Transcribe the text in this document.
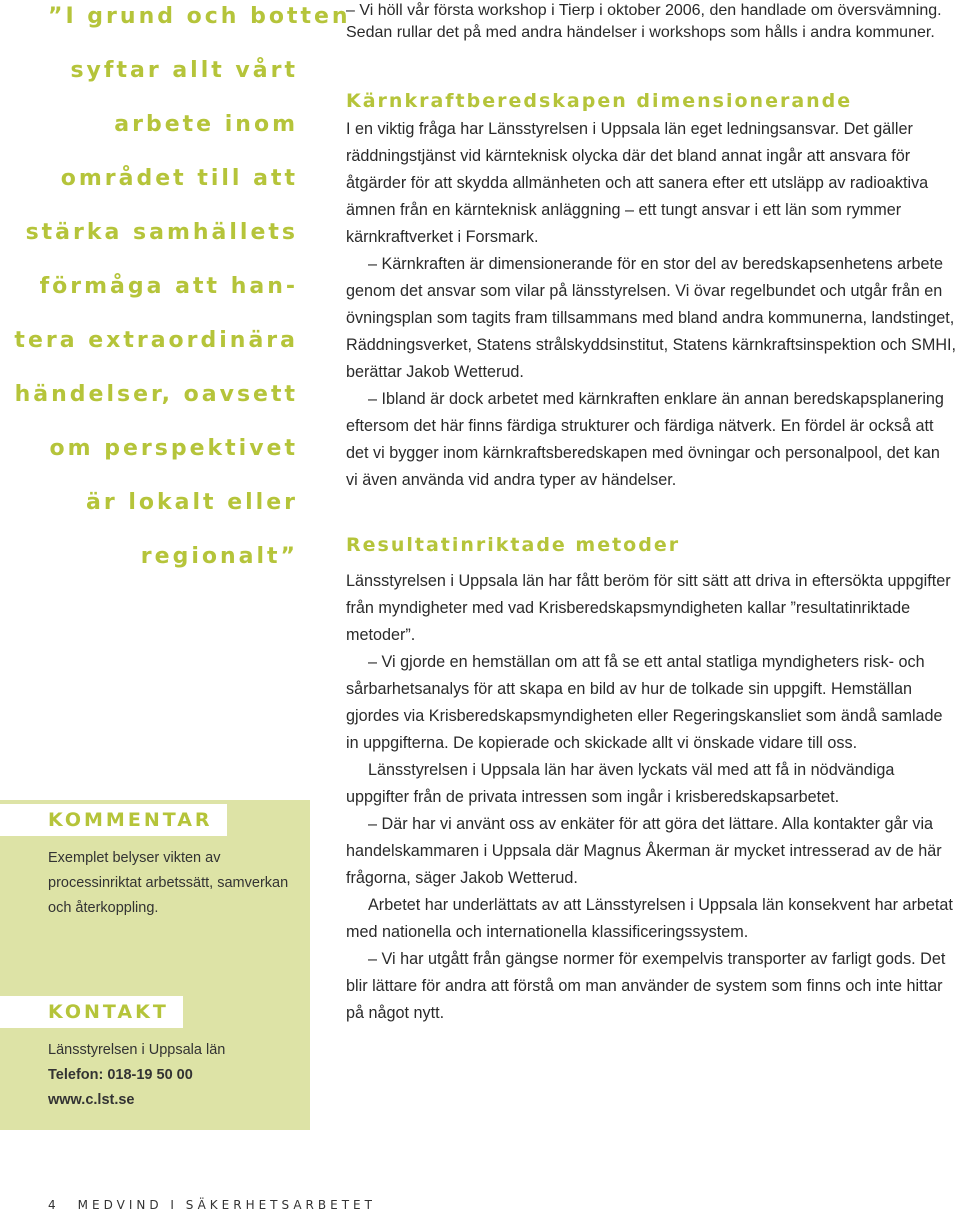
”I grund och botten
syftar allt vårt
arbete inom
området till att
stärka samhällets
förmåga att han-
tera extraordinära
händelser, oavsett
om perspektivet
är lokalt eller
regionalt”
KOMMENTAR
Exemplet belyser vikten av processinriktat arbetssätt, samverkan och återkoppling.
KONTAKT
Länsstyrelsen i Uppsala län
Telefon: 018-19 50 00
www.c.lst.se

– Vi höll vår första workshop i Tierp i oktober 2006, den handlade om översvämning. Sedan rullar det på med andra händelser i workshops som hålls i andra kommuner.

Kärnkraftberedskapen dimensionerande

I en viktig fråga har Länsstyrelsen i Uppsala län eget ledningsansvar. Det gäller räddningstjänst vid kärnteknisk olycka där det bland annat ingår att ansvara för åtgärder för att skydda allmänheten och att sanera efter ett utsläpp av radioaktiva ämnen från en kärnteknisk anläggning – ett tungt ansvar i ett län som rymmer kärnkraftverket i Forsmark.

– Kärnkraften är dimensionerande för en stor del av beredskapsenhetens arbete genom det ansvar som vilar på länsstyrelsen. Vi övar regelbundet och utgår från en övningsplan som tagits fram tillsammans med bland andra kommunerna, landstinget, Räddningsverket, Statens strålskyddsinstitut, Statens kärnkraftsinspektion och SMHI, berättar Jakob Wetterud.

– Ibland är dock arbetet med kärnkraften enklare än annan beredskapsplanering eftersom det här finns färdiga strukturer och färdiga nätverk. En fördel är också att det vi bygger inom kärnkraftsberedskapen med övningar och personalpool, det kan vi även använda vid andra typer av händelser.

Resultatinriktade metoder

Länsstyrelsen i Uppsala län har fått beröm för sitt sätt att driva in eftersökta uppgifter från myndigheter med vad Krisberedskapsmyndigheten kallar ”resultatinriktade metoder”.

– Vi gjorde en hemställan om att få se ett antal statliga myndigheters risk- och sårbarhetsanalys för att skapa en bild av hur de tolkade sin uppgift. Hemställan gjordes via Krisberedskapsmyndigheten eller Regeringskansliet som ändå samlade in uppgifterna. De kopierade och skickade allt vi önskade vidare till oss.

Länsstyrelsen i Uppsala län har även lyckats väl med att få in nödvändiga uppgifter från de privata intressen som ingår i krisberedskapsarbetet.

– Där har vi använt oss av enkäter för att göra det lättare. Alla kontakter går via handelskammaren i Uppsala där Magnus Åkerman är mycket intresserad av de här frågorna, säger Jakob Wetterud.

Arbetet har underlättats av att Länsstyrelsen i Uppsala län konsekvent har arbetat med nationella och internationella klassificeringssystem.

– Vi har utgått från gängse normer för exempelvis transporter av farligt gods. Det blir lättare för andra att förstå om man använder de system som finns och inte hittar på något nytt.

4 MEDVIND I SÄKERHETSARBETET
